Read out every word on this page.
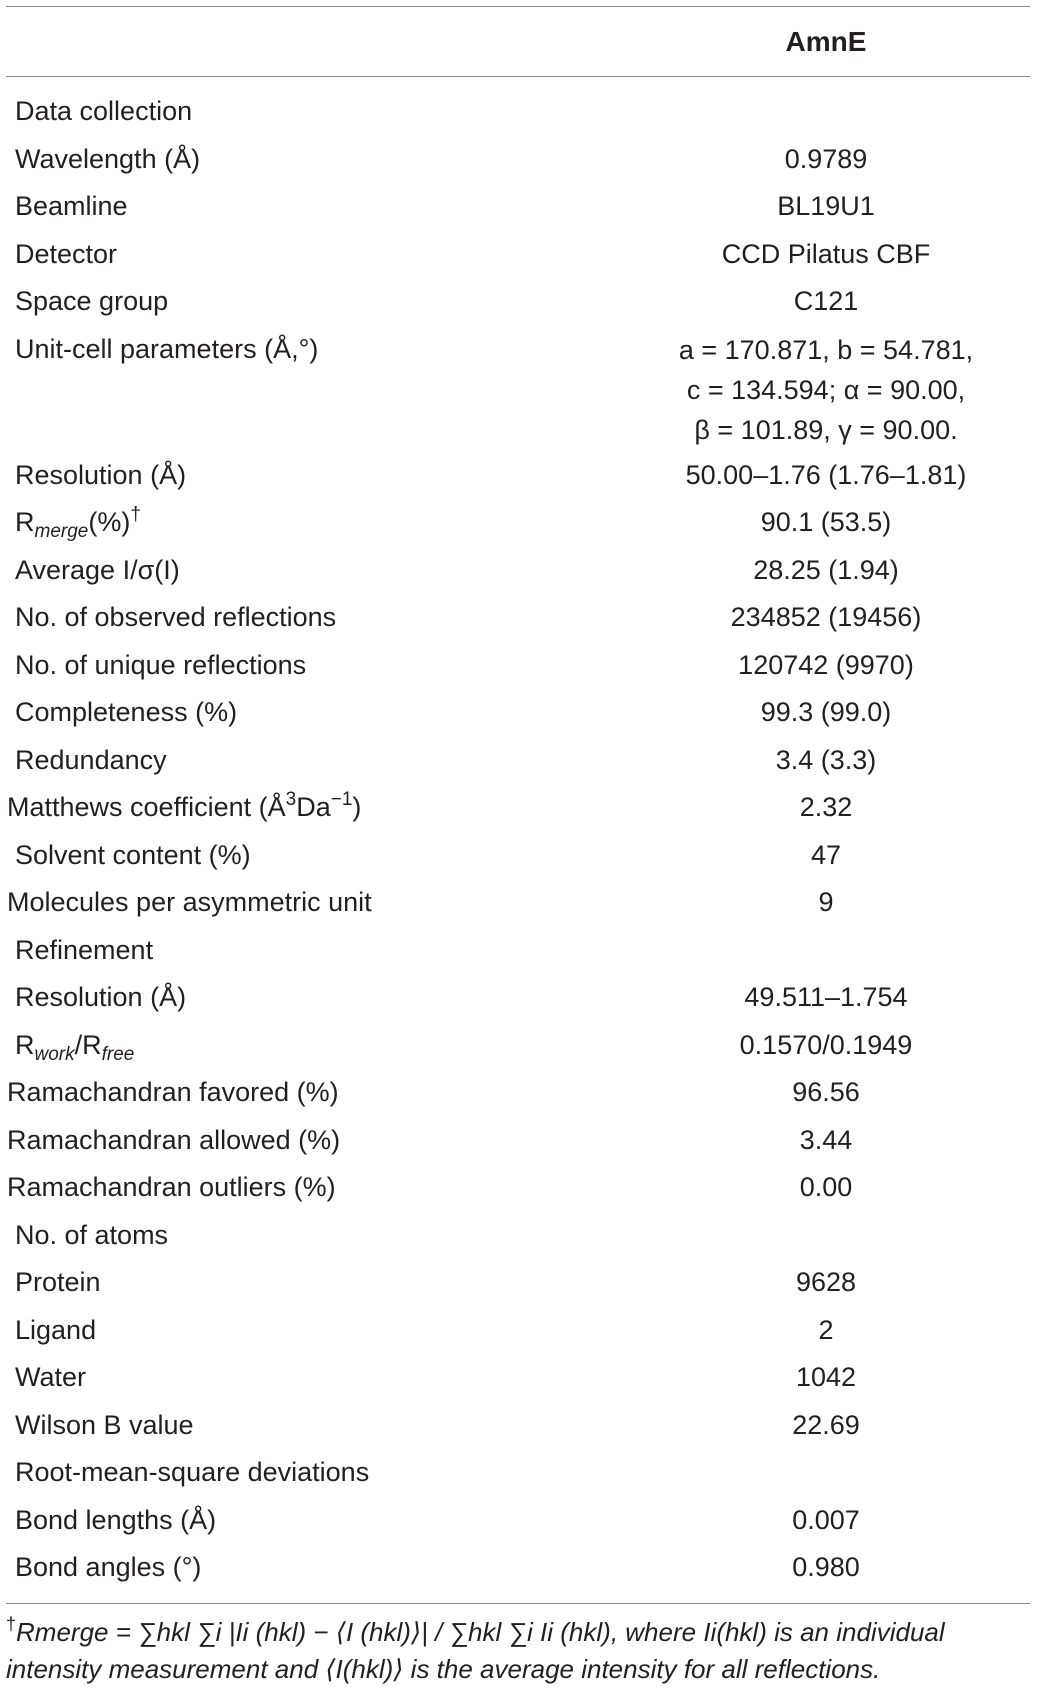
AmnE
Data collection
Wavelength (Å)	0.9789
Beamline	BL19U1
Detector	CCD Pilatus CBF
Space group	C121
Unit-cell parameters (Å,°)	a = 170.871, b = 54.781,
c = 134.594; α = 90.00,
β = 101.89, γ = 90.00.
Resolution (Å)	50.00–1.76 (1.76–1.81)
$R_{merge}(\%)^\dagger$	90.1 (53.5)
Average I/σ(I)	28.25 (1.94)
No. of observed reflections	234852 (19456)
No. of unique reflections	120742 (9970)
Completeness (%)	99.3 (99.0)
Redundancy	3.4 (3.3)
Matthews coefficient $(Å^3Da^{-1})$	2.32
Solvent content (%)	47
Molecules per asymmetric unit	9
Refinement
Resolution (Å)	49.511–1.754
$R_{work}/R_{free}$	0.1570/0.1949
Ramachandran favored (%)	96.56
Ramachandran allowed (%)	3.44
Ramachandran outliers (%)	0.00
No. of atoms
Protein	9628
Ligand	2
Water	1042
Wilson B value	22.69
Root-mean-square deviations
Bond lengths (Å)	0.007
Bond angles (°)	0.980
†Rmerge = ∑hkl ∑i |Ii (hkl) − ⟨I (hkl)⟩| / ∑hkl ∑i Ii (hkl), where Ii(hkl) is an individual
intensity measurement and ⟨I(hkl)⟩ is the average intensity for all reflections.
